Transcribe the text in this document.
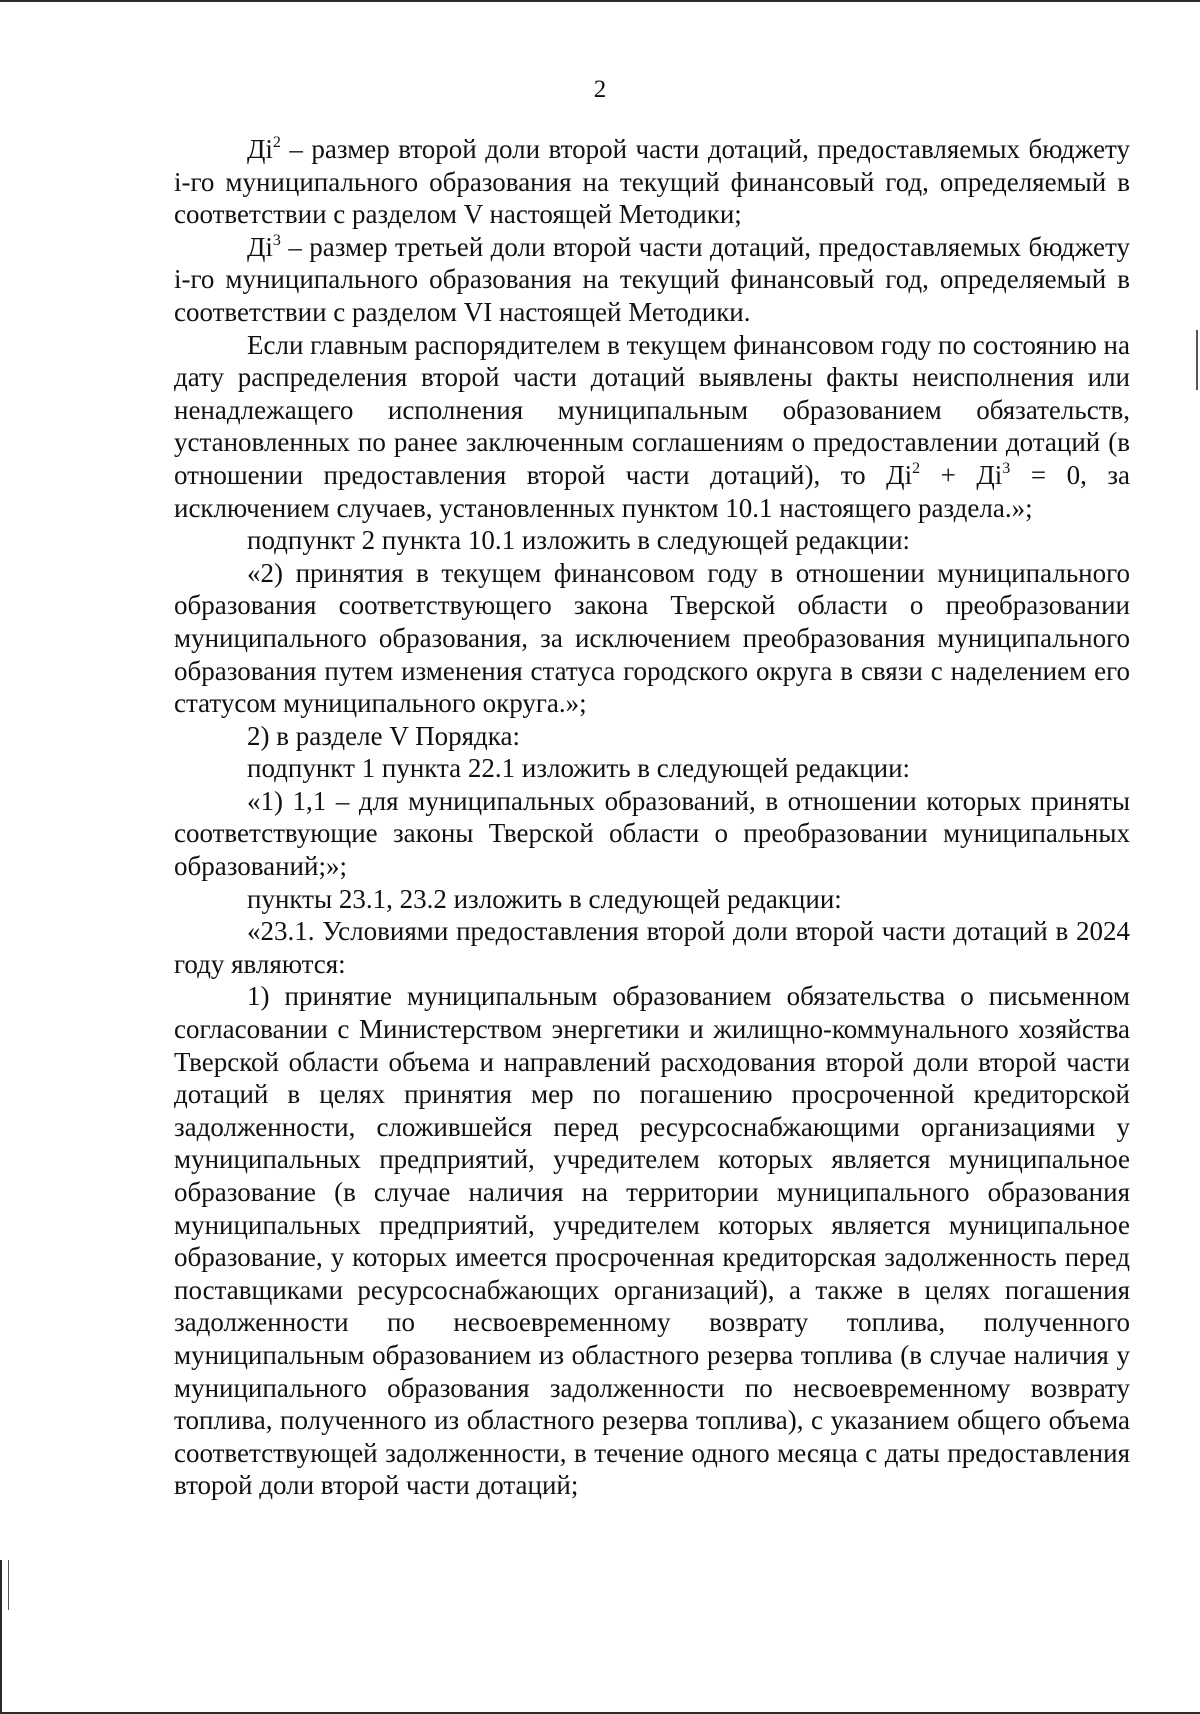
2

$Ді^2$ – размер второй доли второй части дотаций, предоставляемых бюджету і-го муниципального образования на текущий финансовый год, определяемый в соответствии с разделом V настоящей Методики;

$Ді^3$ – размер третьей доли второй части дотаций, предоставляемых бюджету і-го муниципального образования на текущий финансовый год, определяемый в соответствии с разделом VI настоящей Методики.

Если главным распорядителем в текущем финансовом году по состоянию на дату распределения второй части дотаций выявлены факты неисполнения или ненадлежащего исполнения муниципальным образованием обязательств, установленных по ранее заключенным соглашениям о предоставлении дотаций (в отношении предоставления второй части дотаций), то $Ді^2 + Ді^3 = 0$, за исключением случаев, установленных пунктом 10.1 настоящего раздела.»;

подпункт 2 пункта 10.1 изложить в следующей редакции:

«2) принятия в текущем финансовом году в отношении муниципального образования соответствующего закона Тверской области о преобразовании муниципального образования, за исключением преобразования муниципального образования путем изменения статуса городского округа в связи с наделением его статусом муниципального округа.»;

2) в разделе V Порядка:

подпункт 1 пункта 22.1 изложить в следующей редакции:

«1) 1,1 – для муниципальных образований, в отношении которых приняты соответствующие законы Тверской области о преобразовании муниципальных образований;»;

пункты 23.1, 23.2 изложить в следующей редакции:

«23.1. Условиями предоставления второй доли второй части дотаций в 2024 году являются:

1) принятие муниципальным образованием обязательства о письменном согласовании с Министерством энергетики и жилищно-коммунального хозяйства Тверской области объема и направлений расходования второй доли второй части дотаций в целях принятия мер по погашению просроченной кредиторской задолженности, сложившейся перед ресурсоснабжающими организациями у муниципальных предприятий, учредителем которых является муниципальное образование (в случае наличия на территории муниципального образования муниципальных предприятий, учредителем которых является муниципальное образование, у которых имеется просроченная кредиторская задолженность перед поставщиками ресурсоснабжающих организаций), а также в целях погашения задолженности по несвоевременному возврату топлива, полученного муниципальным образованием из областного резерва топлива (в случае наличия у муниципального образования задолженности по несвоевременному возврату топлива, полученного из областного резерва топлива), с указанием общего объема соответствующей задолженности, в течение одного месяца с даты предоставления второй доли второй части дотаций;
